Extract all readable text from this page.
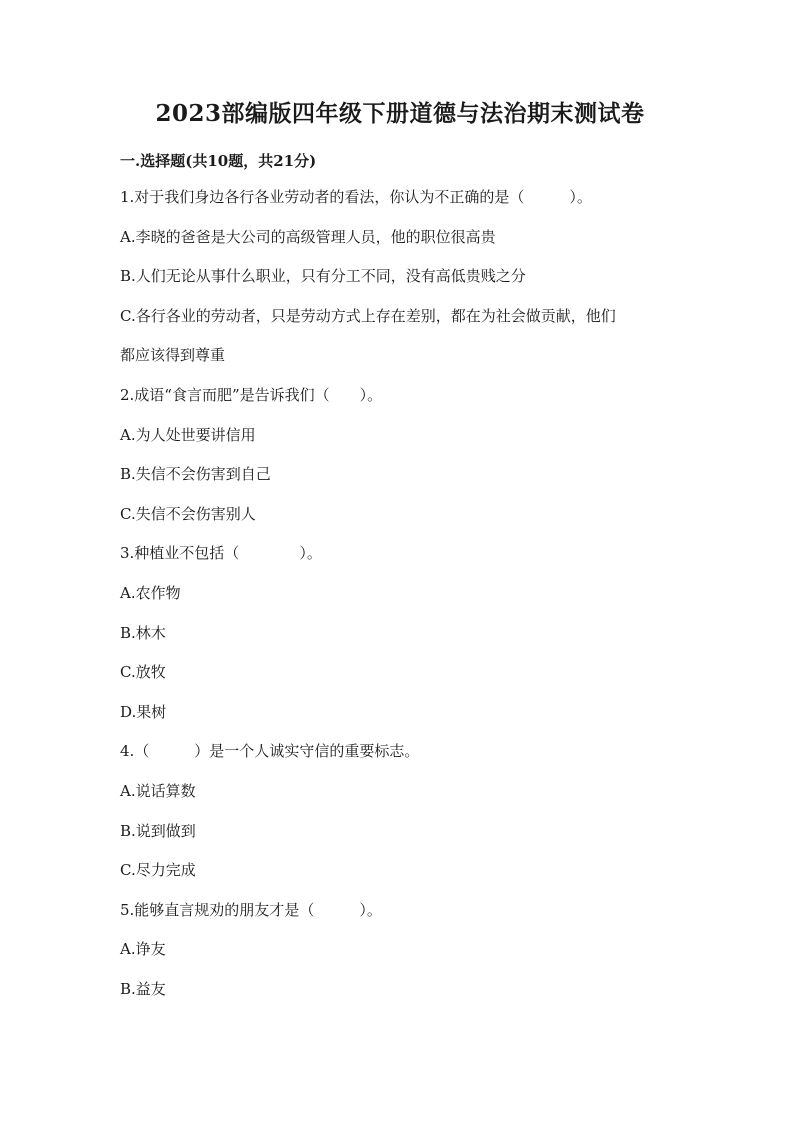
2023部编版四年级下册道德与法治期末测试卷
一.选择题(共10题，共21分)
1.对于我们身边各行各业劳动者的看法，你认为不正确的是（　　　）。
A.李晓的爸爸是大公司的高级管理人员，他的职位很高贵
B.人们无论从事什么职业，只有分工不同，没有高低贵贱之分
C.各行各业的劳动者，只是劳动方式上存在差别，都在为社会做贡献，他们
都应该得到尊重
2.成语“食言而肥”是告诉我们（　　）。
A.为人处世要讲信用
B.失信不会伤害到自己
C.失信不会伤害别人
3.种植业不包括（　　　　）。
A.农作物
B.林木
C.放牧
D.果树
4.（　　　）是一个人诚实守信的重要标志。
A.说话算数
B.说到做到
C.尽力完成
5.能够直言规劝的朋友才是（　　　）。
A.诤友
B.益友
